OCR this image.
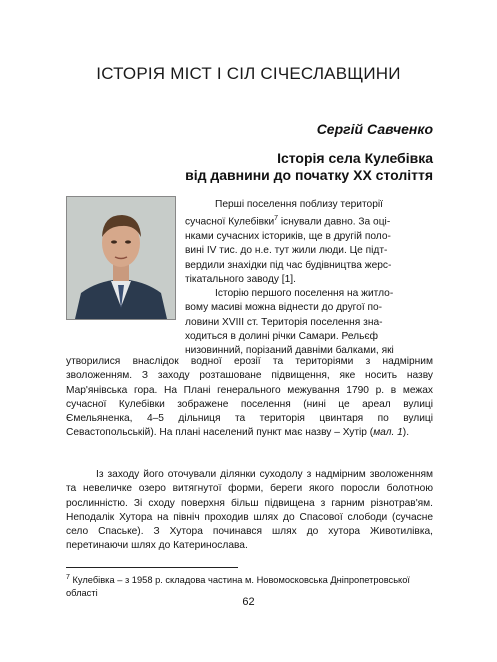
ІСТОРІЯ МІСТ І СІЛ СІЧЕСЛАВЩИНИ
Сергій Савченко
Історія села Кулебівка
від давнини до початку ХХ століття
Перші поселення поблизу території
сучасної Кулебівки$^7$ існували давно. За оці-
нками сучасних істориків, ще в другій поло-
вині IV тис. до н.е. тут жили люди. Це підт-
вердили знахідки під час будівництва жерс-
тікатального заводу [1].
Історію першого поселення на житло-
вому масиві можна віднести до другої по-
ловини XVIII ст. Територія поселення зна-
ходиться в долині річки Самари. Рельєф
низовинний, порізаний давніми балками, які
утворилися внаслідок водної ерозії та територіями з надмірним зволоженням. З заходу розташоване підвищення, яке носить назву Мар'янівська гора. На Плані генерального межування 1790 р. в межах сучасної Кулебівки зображене поселення (нині це ареал вулиці Ємельяненка, 4–5 дільниця та територія цвинтаря по вулиці Севастопольській). На плані населений пункт має назву – Хутір (мал. 1).
Із заходу його оточували ділянки суходолу з надмірним зволоженням та невеличке озеро витягнутої форми, береги якого поросли болотною рослинністю. Зі сходу поверхня більш підвищена з гарним різнотрав'ям. Неподалік Хутора на північ проходив шлях до Спасової слободи (сучасне село Спаське). З Хутора починався шлях до хутора Животилівка, перетинаючи шлях до Катеринослава.
$^7$ Кулебівка – з 1958 р. складова частина м. Новомосковська Дніпропетровської області
62
